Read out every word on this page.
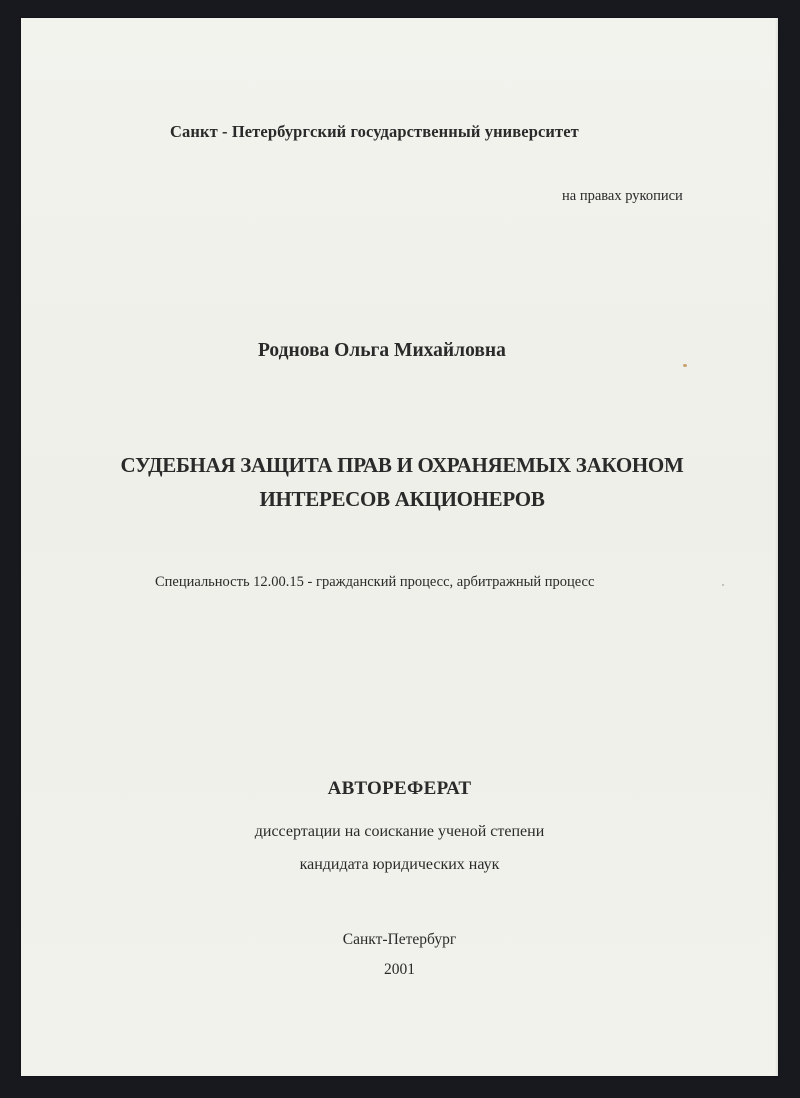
Санкт - Петербургский государственный университет
на правах рукописи
Роднова Ольга Михайловна
СУДЕБНАЯ ЗАЩИТА ПРАВ И ОХРАНЯЕМЫХ ЗАКОНОМ
ИНТЕРЕСОВ АКЦИОНЕРОВ
Специальность 12.00.15 - гражданский процесс, арбитражный процесс
АВТОРЕФЕРАТ
диссертации на соискание ученой степени
кандидата юридических наук
Санкт-Петербург
2001
